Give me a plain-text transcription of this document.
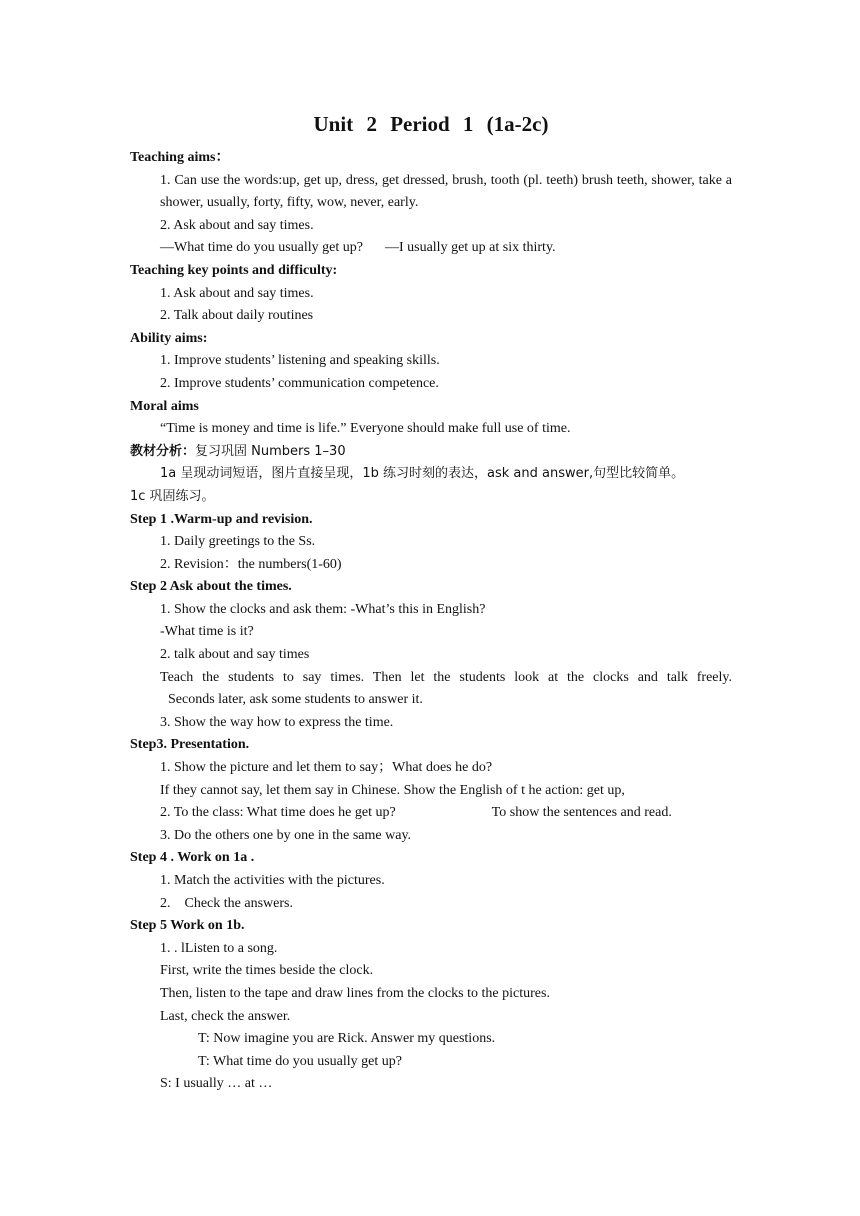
Unit 2 Period 1 (1a-2c)

Teaching aims：

1. Can use the words:up, get up, dress, get dressed, brush, tooth (pl. teeth) brush teeth, shower, take a shower, usually, forty, fifty, wow, never, early.

2. Ask about and say times.

—What time do you usually get up? —I usually get up at six thirty.

Teaching key points and difficulty:

1. Ask about and say times.

2. Talk about daily routines

Ability aims:

1. Improve students’ listening and speaking skills.

2. Improve students’ communication competence.

Moral aims

“Time is money and time is life.” Everyone should make full use of time.

教材分析：复习巩固 Numbers 1–30

1a 呈现动词短语，图片直接呈现，1b 练习时刻的表达，ask and answer,句型比较简单。

1c 巩固练习。

Step 1 .Warm-up and revision.

1. Daily greetings to the Ss.

2. Revision：the numbers(1-60)

Step 2 Ask about the times.

1. Show the clocks and ask them: -What’s this in English?

-What time is it?

2. talk about and say times

Teach the students to say times. Then let the students look at the clocks and talk freely.

Seconds later, ask some students to answer it.

3. Show the way how to express the time.

Step3. Presentation.

1. Show the picture and let them to say；What does he do?

If they cannot say, let them say in Chinese. Show the English of t he action: get up,

2. To the class: What time does he get up?	To show the sentences and read.

3. Do the others one by one in the same way.

Step 4 . Work on 1a .

1. Match the activities with the pictures.

2.    Check the answers.

Step 5 Work on 1b.

1. . lListen to a song.

First, write the times beside the clock.

Then, listen to the tape and draw lines from the clocks to the pictures.

Last, check the answer.

T: Now imagine you are Rick. Answer my questions.

T: What time do you usually get up?

S: I usually … at …
